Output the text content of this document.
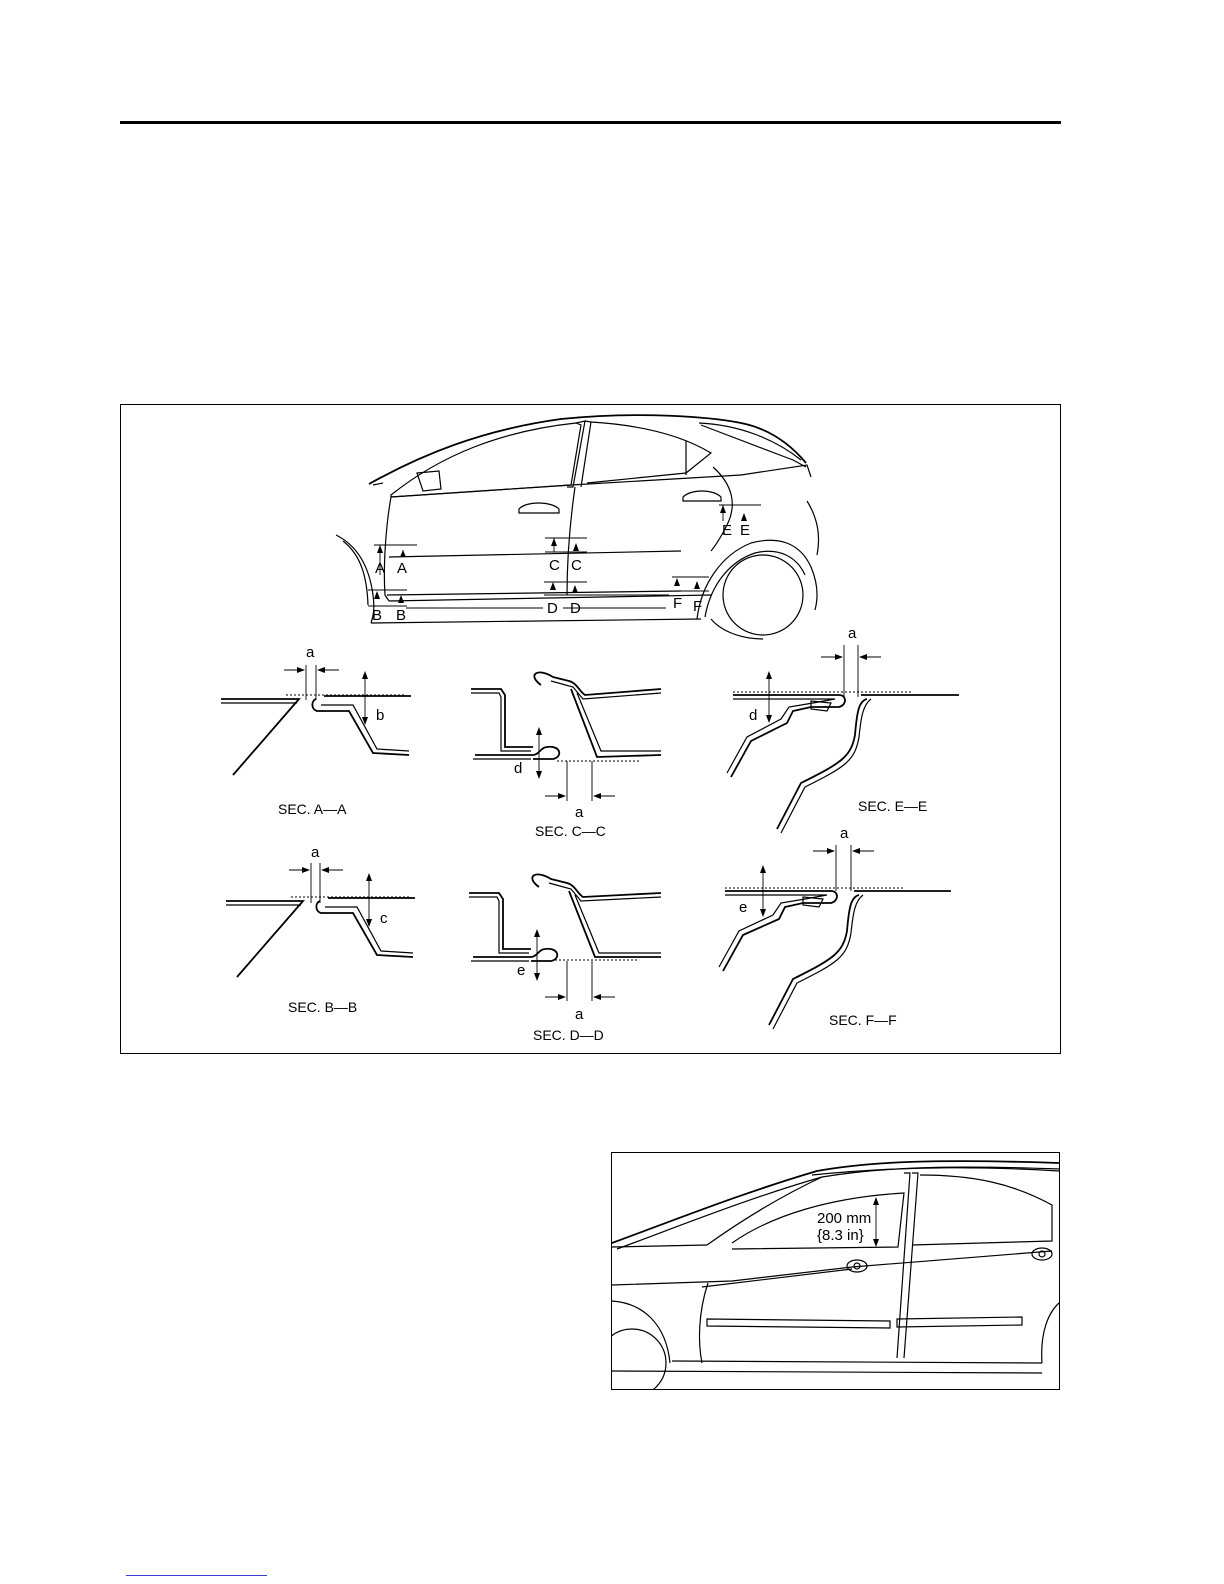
A A
B B
C C
D D
E E
F F
a
b
SEC. A—A
a
c
SEC. B—B
d
a
SEC. C—C
e
a
SEC. D—D
a
d
SEC. E—E
a
e
SEC. F—F
200 mm
{8.3 in}
